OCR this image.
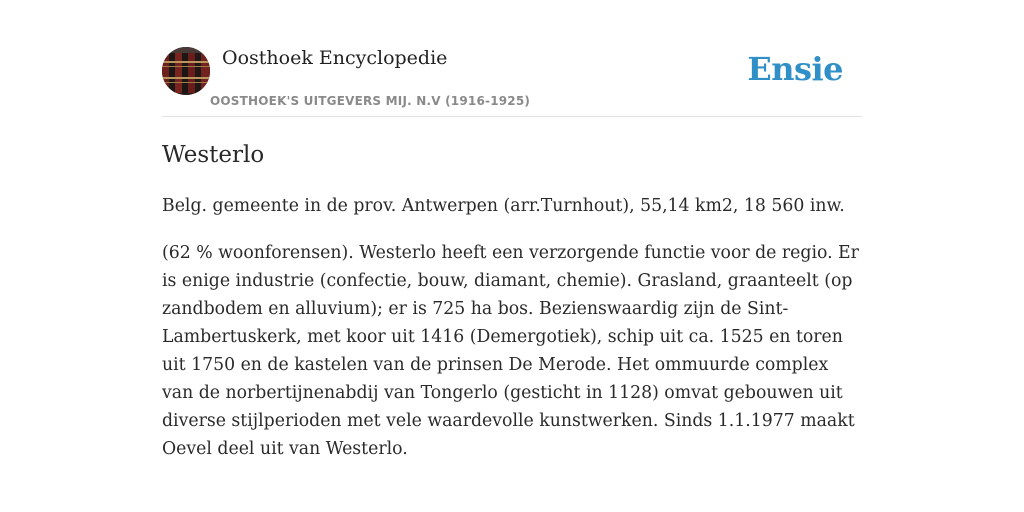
Oosthoek Encyclopedie
OOSTHOEK'S UITGEVERS MIJ. N.V (1916-1925)
Ensie
Westerlo

Belg. gemeente in de prov. Antwerpen (arr.Turnhout), 55,14 km2, 18 560 inw.

(62 % woonforensen). Westerlo heeft een verzorgende functie voor de regio. Er is enige industrie (confectie, bouw, diamant, chemie). Grasland, graanteelt (op zandbodem en alluvium); er is 725 ha bos. Bezienswaardig zijn de Sint-Lambertuskerk, met koor uit 1416 (Demergotiek), schip uit ca. 1525 en toren uit 1750 en de kastelen van de prinsen De Merode. Het ommuurde complex van de norbertijnenabdij van Tongerlo (gesticht in 1128) omvat gebouwen uit diverse stijlperioden met vele waardevolle kunstwerken. Sinds 1.1.1977 maakt Oevel deel uit van Westerlo.
